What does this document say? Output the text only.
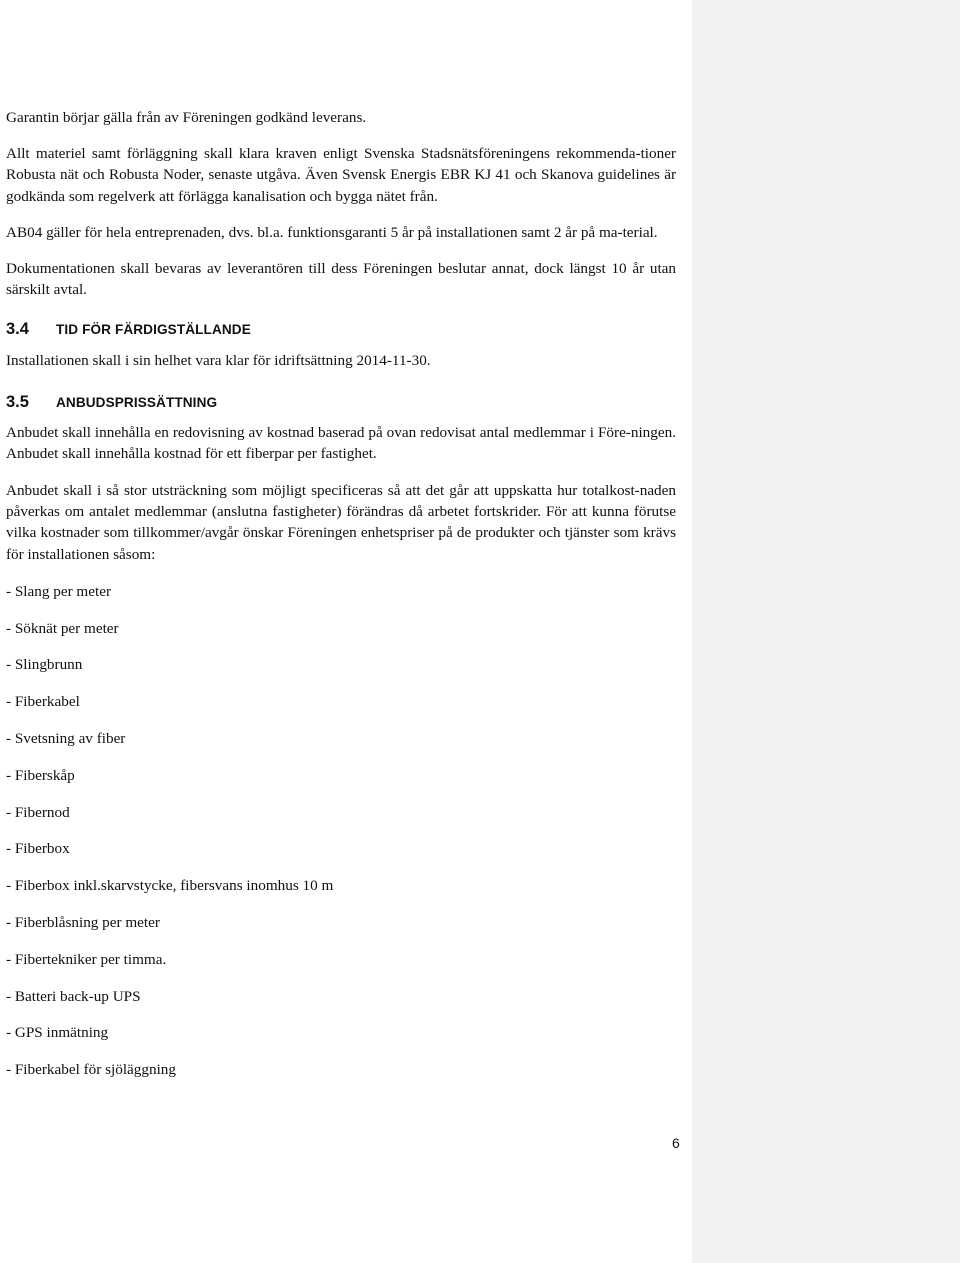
Garantin börjar gälla från av Föreningen godkänd leverans.

Allt materiel samt förläggning skall klara kraven enligt Svenska Stadsnätsföreningens rekommenda-tioner Robusta nät och Robusta Noder, senaste utgåva. Även Svensk Energis EBR KJ 41 och Skanova guidelines är godkända som regelverk att förlägga kanalisation och bygga nätet från.

AB04 gäller för hela entreprenaden, dvs. bl.a. funktionsgaranti 5 år på installationen samt 2 år på ma-terial.

Dokumentationen skall bevaras av leverantören till dess Föreningen beslutar annat, dock längst 10 år utan särskilt avtal.

3.4 TID FÖR FÄRDIGSTÄLLANDE

Installationen skall i sin helhet vara klar för idriftsättning 2014-11-30.

3.5 ANBUDSPRISSÄTTNING

Anbudet skall innehålla en redovisning av kostnad baserad på ovan redovisat antal medlemmar i Före-ningen. Anbudet skall innehålla kostnad för ett fiberpar per fastighet.

Anbudet skall i så stor utsträckning som möjligt specificeras så att det går att uppskatta hur totalkost-naden påverkas om antalet medlemmar (anslutna fastigheter) förändras då arbetet fortskrider. För att kunna förutse vilka kostnader som tillkommer/avgår önskar Föreningen enhetspriser på de produkter och tjänster som krävs för installationen såsom:

- Slang per meter
- Söknät per meter
- Slingbrunn
- Fiberkabel
- Svetsning av fiber
- Fiberskåp
- Fibernod
- Fiberbox
- Fiberbox inkl.skarvstycke, fibersvans inomhus 10 m
- Fiberblåsning per meter
- Fibertekniker per timma.
- Batteri back-up UPS
- GPS inmätning
- Fiberkabel för sjöläggning
6
